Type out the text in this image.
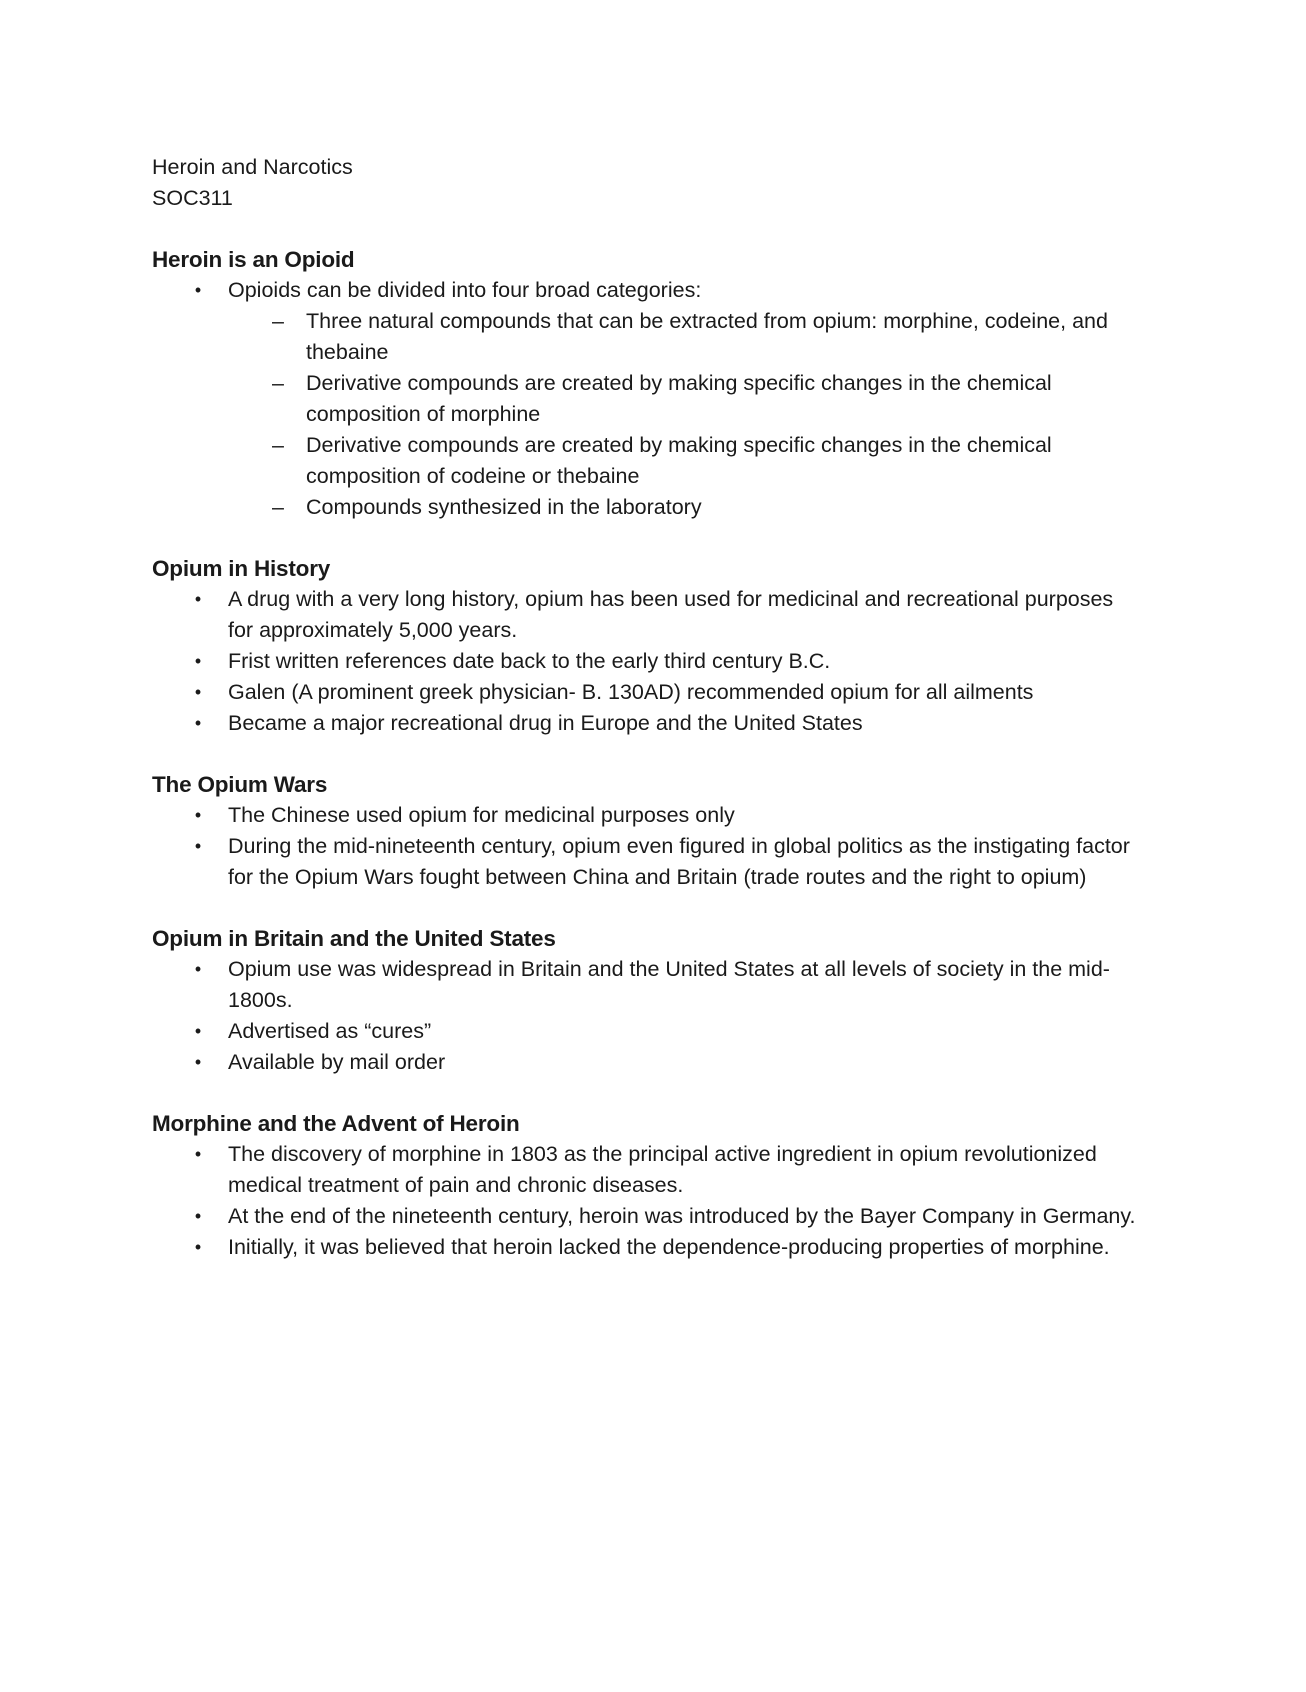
Heroin and Narcotics

SOC311

Heroin is an Opioid

• Opioids can be divided into four broad categories:
– Three natural compounds that can be extracted from opium: morphine, codeine, and thebaine
– Derivative compounds are created by making specific changes in the chemical composition of morphine
– Derivative compounds are created by making specific changes in the chemical composition of codeine or thebaine
– Compounds synthesized in the laboratory

Opium in History

• A drug with a very long history, opium has been used for medicinal and recreational purposes for approximately 5,000 years.
• Frist written references date back to the early third century B.C.
• Galen (A prominent greek physician- B. 130AD) recommended opium for all ailments
• Became a major recreational drug in Europe and the United States

The Opium Wars

• The Chinese used opium for medicinal purposes only
• During the mid-nineteenth century, opium even figured in global politics as the instigating factor for the Opium Wars fought between China and Britain (trade routes and the right to opium)

Opium in Britain and the United States

• Opium use was widespread in Britain and the United States at all levels of society in the mid-1800s.
• Advertised as “cures”
• Available by mail order

Morphine and the Advent of Heroin

• The discovery of morphine in 1803 as the principal active ingredient in opium revolutionized medical treatment of pain and chronic diseases.
• At the end of the nineteenth century, heroin was introduced by the Bayer Company in Germany.
• Initially, it was believed that heroin lacked the dependence-producing properties of morphine.
